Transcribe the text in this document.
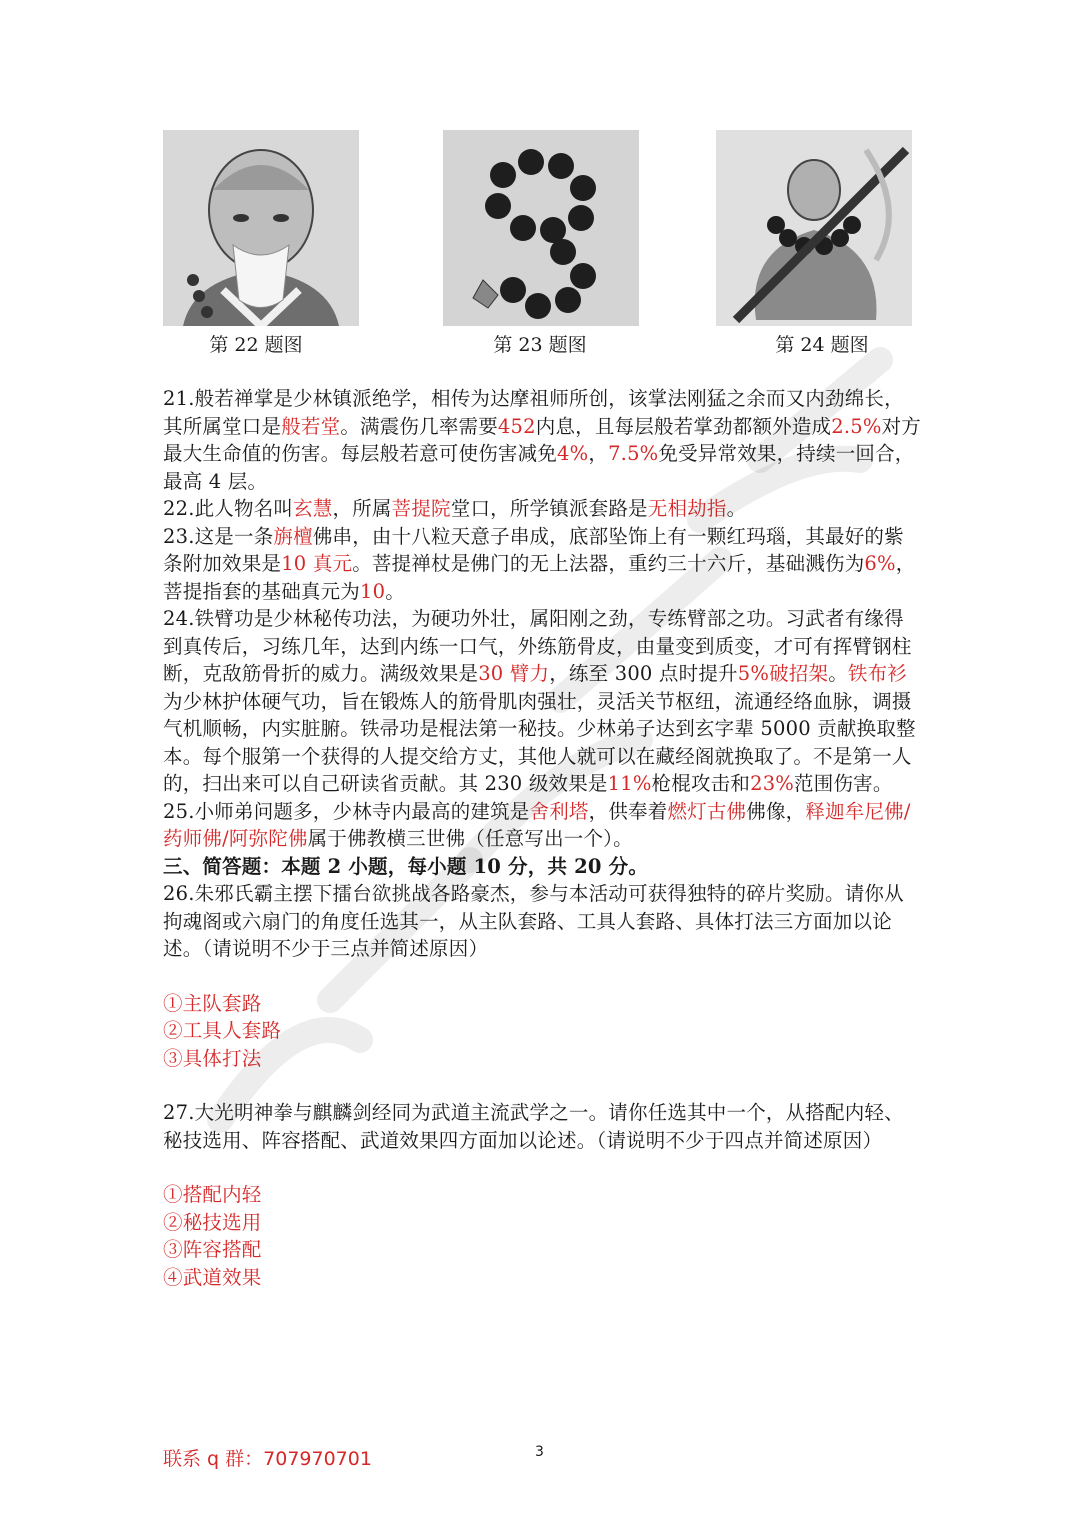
第 22 题图	第 23 题图	第 24 题图

21.般若禅掌是少林镇派绝学，相传为达摩祖师所创，该掌法刚猛之余而又内劲绵长，其所属堂口是般若堂。满震伤几率需要452内息，且每层般若掌劲都额外造成2.5%对方最大生命值的伤害。每层般若意可使伤害减免4%，7.5%免受异常效果，持续一回合，最高 4 层。

22.此人物名叫玄慧，所属菩提院堂口，所学镇派套路是无相劫指。

23.这是一条旃檀佛串，由十八粒天意子串成，底部坠饰上有一颗红玛瑙，其最好的紫条附加效果是10 真元。菩提禅杖是佛门的无上法器，重约三十六斤，基础溅伤为6%，菩提指套的基础真元为10。

24.铁臂功是少林秘传功法，为硬功外壮，属阳刚之劲，专练臂部之功。习武者有缘得到真传后，习练几年，达到内练一口气，外练筋骨皮，由量变到质变，才可有挥臂钢柱断，克敌筋骨折的威力。满级效果是30 臂力，练至 300 点时提升5%破招架。铁布衫为少林护体硬气功，旨在锻炼人的筋骨肌肉强壮，灵活关节枢纽，流通经络血脉，调摄气机顺畅，内实脏腑。铁帚功是棍法第一秘技。少林弟子达到玄字辈 5000 贡献换取整本。每个服第一个获得的人提交给方丈，其他人就可以在藏经阁就换取了。不是第一人的，扫出来可以自己研读省贡献。其 230 级效果是11%枪棍攻击和23%范围伤害。

25.小师弟问题多，少林寺内最高的建筑是舍利塔，供奉着燃灯古佛佛像，释迦牟尼佛/药师佛/阿弥陀佛属于佛教横三世佛（任意写出一个）。

三、简答题：本题 2 小题，每小题 10 分，共 20 分。

26.朱邪氏霸主摆下擂台欲挑战各路豪杰，参与本活动可获得独特的碎片奖励。请你从拘魂阁或六扇门的角度任选其一，从主队套路、工具人套路、具体打法三方面加以论述。（请说明不少于三点并简述原因）

①主队套路

②工具人套路

③具体打法

27.大光明神拳与麒麟剑经同为武道主流武学之一。请你任选其中一个，从搭配内轻、秘技选用、阵容搭配、武道效果四方面加以论述。（请说明不少于四点并简述原因）

①搭配内轻

②秘技选用

③阵容搭配

④武道效果

联系 q 群：707970701	3
